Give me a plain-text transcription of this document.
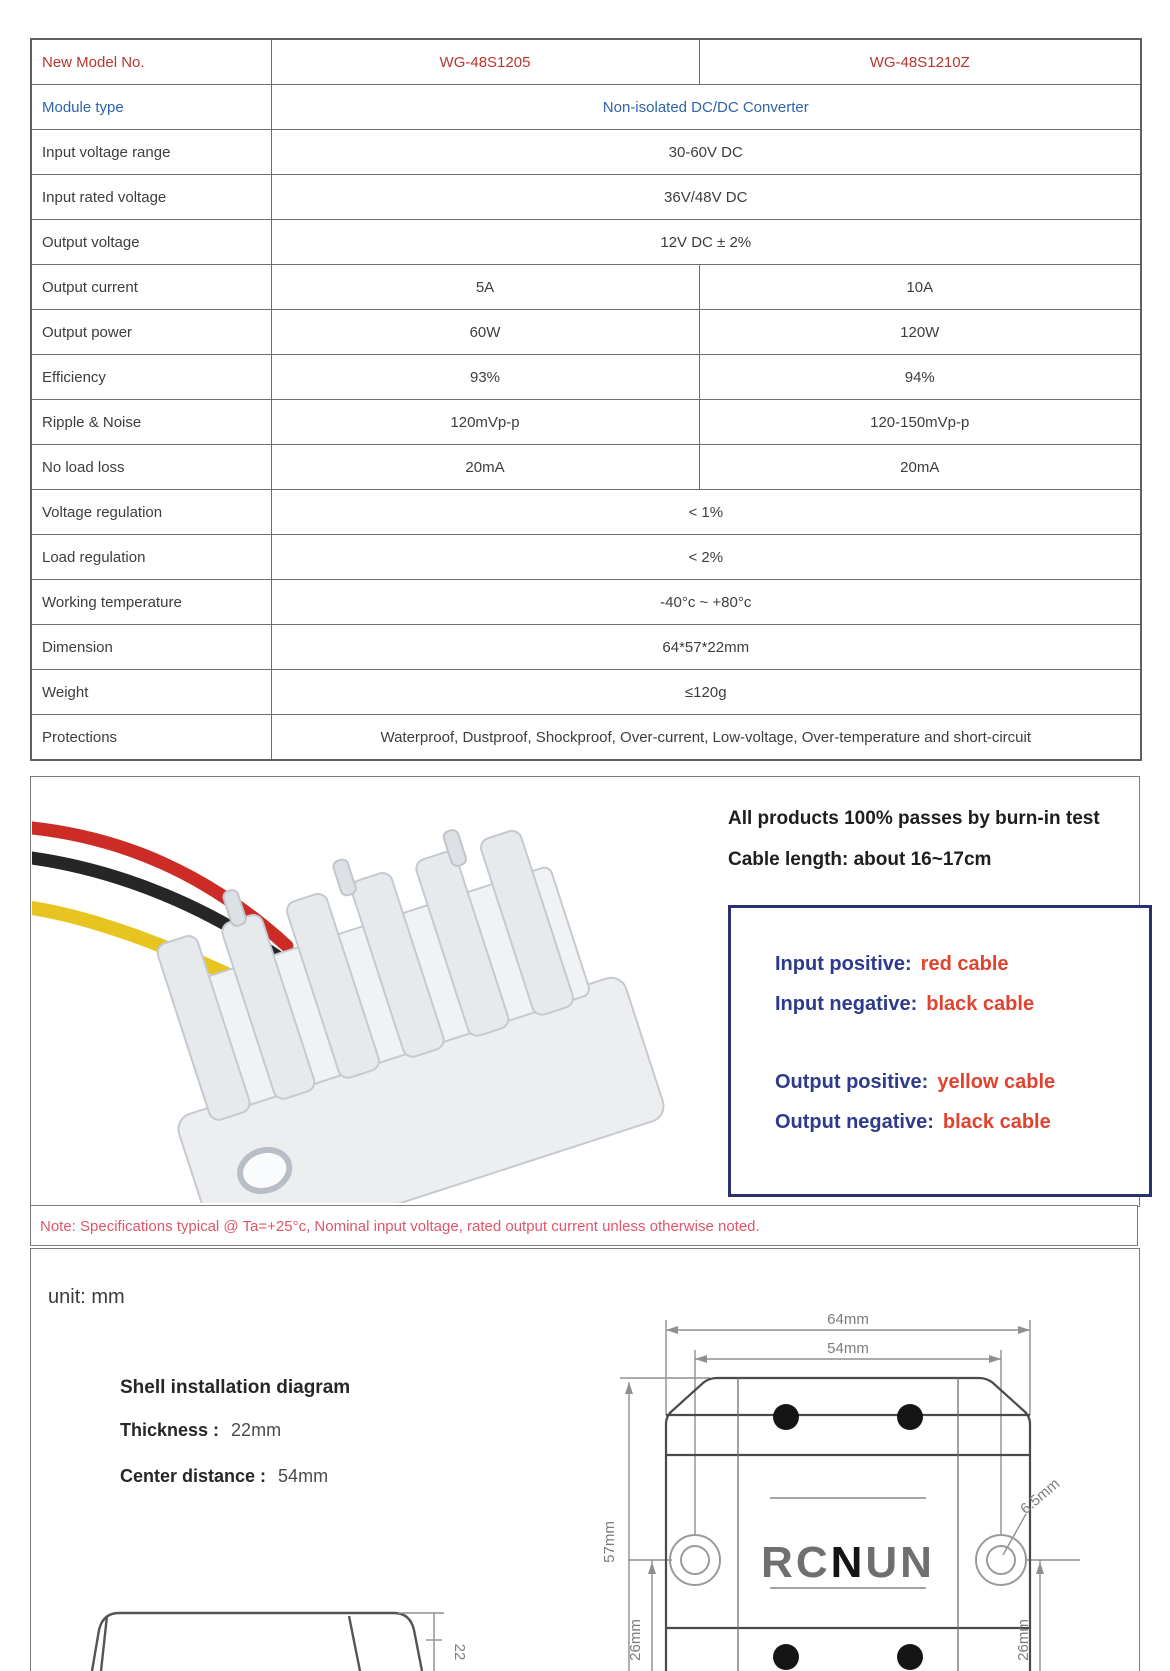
New Model No.	WG-48S1205	WG-48S1210Z
Module type	Non-isolated DC/DC Converter	
Input voltage range	30-60V DC	
Input rated voltage	36V/48V DC	
Output voltage	12V DC ± 2%	
Output current	5A	10A
Output power	60W	120W
Efficiency	93%	94%
Ripple & Noise	120mVp-p	120-150mVp-p
No load loss	20mA	20mA
Voltage regulation	< 1%	
Load regulation	< 2%	
Working temperature	-40°c ~ +80°c	
Dimension	64*57*22mm	
Weight	≤120g	
Protections	Waterproof, Dustproof, Shockproof, Over-current, Low-voltage, Over-temperature and short-circuit	
All products 100% passes by burn-in test
Cable length: about 16~17cm
Input positive: red cable
Input negative: black cable
Output positive: yellow cable
Output negative: black cable
Note: Specifications typical @ Ta=+25°c, Nominal input voltage, rated output current unless otherwise noted.
unit: mm
Shell installation diagram
Thickness : 22mm
Center distance : 54mm
RCNUN
64mm
54mm
57mm
26mm	26mm
6.5mm
22
